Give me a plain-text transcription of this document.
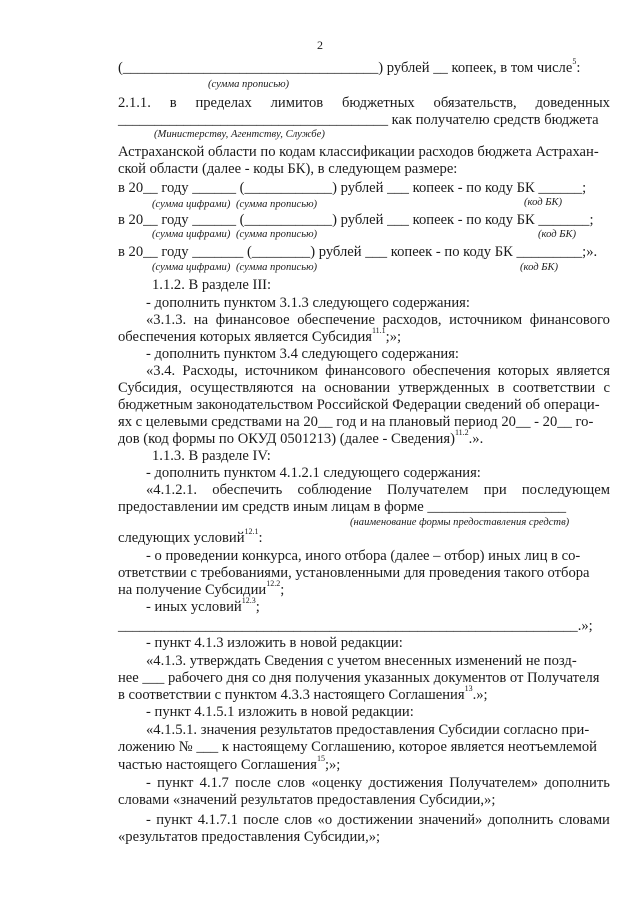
2
(___________________________________) рублей __ копеек, в том числе$^5$:
(сумма прописью)
2.1.1. в пределах лимитов бюджетных обязательств, доведенных
_____________________________________ как получателю средств бюджета
(Министерству, Агентству, Службе)
Астраханской области по кодам классификации расходов бюджета Астрахан-
ской области (далее - коды БК), в следующем размере:
в 20__ году ______ (____________) рублей ___ копеек - по коду БК ______;
(сумма цифрами) (сумма прописью)	(код БК)
в 20__ году ______ (____________) рублей ___ копеек - по коду БК _______;
(сумма цифрами) (сумма прописью)	(код БК)
в 20__ году _______ (________) рублей ___ копеек - по коду БК _________;».
(сумма цифрами) (сумма прописью)	(код БК)
1.1.2. В разделе III:
- дополнить пунктом 3.1.3 следующего содержания:
«3.1.3. на финансовое обеспечение расходов, источником финансового
обеспечения которых является Субсидия$^{11.1}$;»;
- дополнить пунктом 3.4 следующего содержания:
«3.4. Расходы, источником финансового обеспечения которых является
Субсидия, осуществляются на основании утвержденных в соответствии с
бюджетным законодательством Российской Федерации сведений об операци-
ях с целевыми средствами на 20__ год и на плановый период 20__ - 20__ го-
дов (код формы по ОКУД 0501213) (далее - Сведения)$^{11.2}$.».
1.1.3. В разделе IV:
- дополнить пунктом 4.1.2.1 следующего содержания:
«4.1.2.1. обеспечить соблюдение Получателем при последующем
предоставлении им средств иным лицам в форме ___________________
(наименование формы предоставления средств)
следующих условий$^{12.1}$:
- о проведении конкурса, иного отбора (далее – отбор) иных лиц в со-
ответствии с требованиями, установленными для проведения такого отбора
на получение Субсидии$^{12.2}$;
- иных условий$^{12.3}$;
_______________________________________________________________.»;
- пункт 4.1.3 изложить в новой редакции:
«4.1.3. утверждать Сведения с учетом внесенных изменений не позд-
нее ___ рабочего дня со дня получения указанных документов от Получателя
в соответствии с пунктом 4.3.3 настоящего Соглашения$^{13}$.»;
- пункт 4.1.5.1 изложить в новой редакции:
«4.1.5.1. значения результатов предоставления Субсидии согласно при-
ложению № ___ к настоящему Соглашению, которое является неотъемлемой
частью настоящего Соглашения$^{15}$;»;
- пункт 4.1.7 после слов «оценку достижения Получателем» дополнить
словами «значений результатов предоставления Субсидии,»;
- пункт 4.1.7.1 после слов «о достижении значений» дополнить словами
«результатов предоставления Субсидии,»;
